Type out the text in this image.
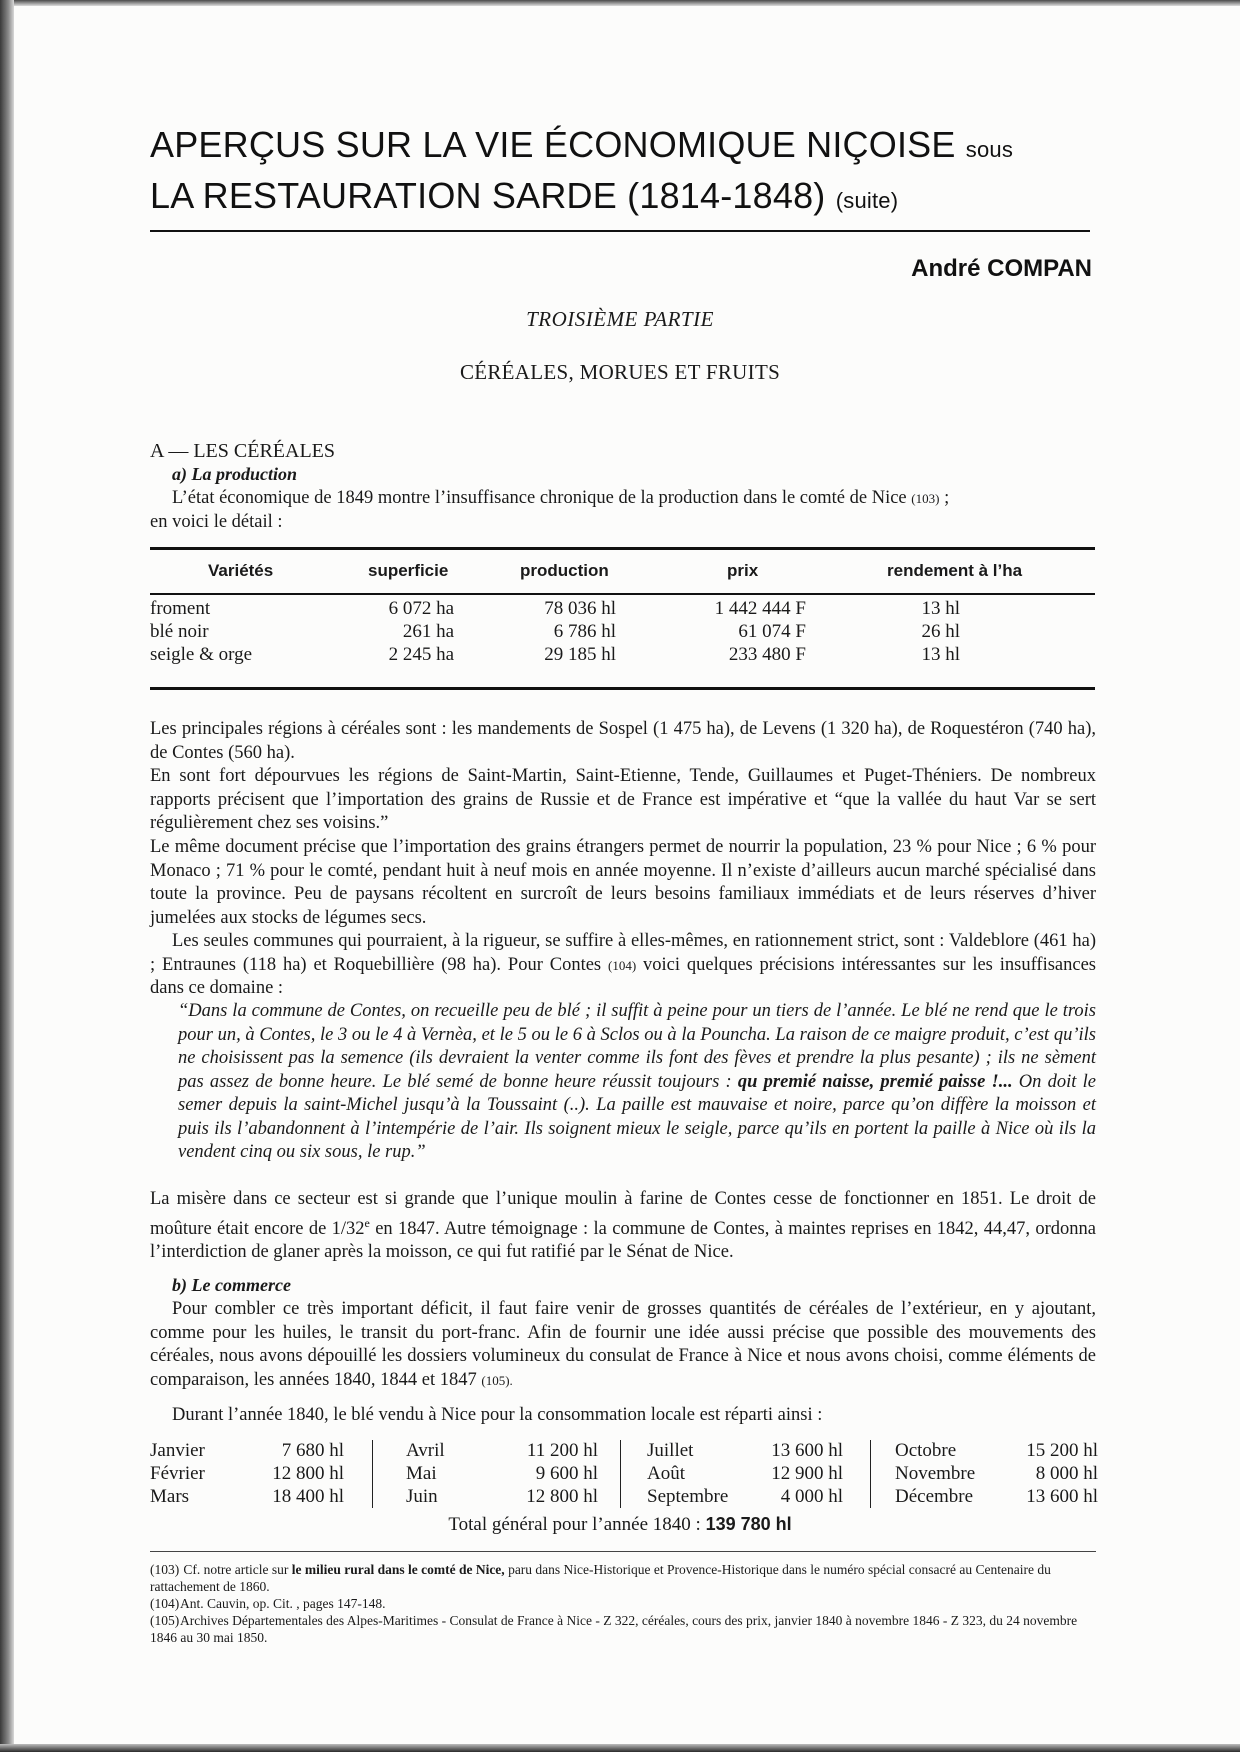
APERÇUS SUR LA VIE ÉCONOMIQUE NIÇOISE sous
LA RESTAURATION SARDE (1814-1848) (suite)
André COMPAN
TROISIÈME PARTIE
CÉRÉALES, MORUES ET FRUITS
A — LES CÉRÉALES
a) La production

L’état économique de 1849 montre l’insuffisance chronique de la production dans le comté de Nice (103) ;
en voici le détail :

Variétés	superficie	production	prix	rendement à l’ha
froment	6 072 ha	78 036 hl	1 442 444 F	13 hl
blé noir	261 ha	6 786 hl	61 074 F	26 hl
seigle & orge	2 245 ha	29 185 hl	233 480 F	13 hl

Les principales régions à céréales sont : les mandements de Sospel (1 475 ha), de Levens (1 320 ha), de Roquestéron (740 ha), de Contes (560 ha).

En sont fort dépourvues les régions de Saint-Martin, Saint-Etienne, Tende, Guillaumes et Puget-Théniers. De nombreux rapports précisent que l’importation des grains de Russie et de France est impérative et “que la vallée du haut Var se sert régulièrement chez ses voisins.”

Le même document précise que l’importation des grains étrangers permet de nourrir la population, 23 % pour Nice ; 6 % pour Monaco ; 71 % pour le comté, pendant huit à neuf mois en année moyenne. Il n’existe d’ailleurs aucun marché spécialisé dans toute la province. Peu de paysans récoltent en surcroît de leurs besoins familiaux immédiats et de leurs réserves d’hiver jumelées aux stocks de légumes secs.

Les seules communes qui pourraient, à la rigueur, se suffire à elles-mêmes, en rationnement strict, sont : Valdeblore (461 ha) ; Entraunes (118 ha) et Roquebillière (98 ha). Pour Contes (104) voici quelques précisions intéressantes sur les insuffisances dans ce domaine :

“Dans la commune de Contes, on recueille peu de blé ; il suffit à peine pour un tiers de l’année. Le blé ne rend que le trois pour un, à Contes, le 3 ou le 4 à Vernèa, et le 5 ou le 6 à Sclos ou à la Pouncha. La raison de ce maigre produit, c’est qu’ils ne choisissent pas la semence (ils devraient la venter comme ils font des fèves et prendre la plus pesante) ; ils ne sèment pas assez de bonne heure. Le blé semé de bonne heure réussit toujours : qu premié naisse, premié paisse !... On doit le semer depuis la saint-Michel jusqu’à la Toussaint (..). La paille est mauvaise et noire, parce qu’on diffère la moisson et puis ils l’abandonnent à l’intempérie de l’air. Ils soignent mieux le seigle, parce qu’ils en portent la paille à Nice où ils la vendent cinq ou six sous, le rup.”

La misère dans ce secteur est si grande que l’unique moulin à farine de Contes cesse de fonctionner en 1851. Le droit de moûture était encore de 1/32e en 1847. Autre témoignage : la commune de Contes, à maintes reprises en 1842, 44,47, ordonna l’interdiction de glaner après la moisson, ce qui fut ratifié par le Sénat de Nice.

b) Le commerce

Pour combler ce très important déficit, il faut faire venir de grosses quantités de céréales de l’extérieur, en y ajoutant, comme pour les huiles, le transit du port-franc. Afin de fournir une idée aussi précise que possible des mouvements des céréales, nous avons dépouillé les dossiers volumineux du consulat de France à Nice et nous avons choisi, comme éléments de comparaison, les années 1840, 1844 et 1847 (105).

Durant l’année 1840, le blé vendu à Nice pour la consommation locale est réparti ainsi :

Janvier	7 680 hl
Février	12 800 hl
Mars	18 400 hl
Avril	11 200 hl
Mai	9 600 hl
Juin	12 800 hl
Juillet	13 600 hl
Août	12 900 hl
Septembre	4 000 hl
Octobre	15 200 hl
Novembre	8 000 hl
Décembre	13 600 hl
Total général pour l’année 1840 : 139 780 hl

(103) Cf. notre article sur le milieu rural dans le comté de Nice, paru dans Nice-Historique et Provence-Historique dans le numéro spécial consacré au Centenaire du rattachement de 1860.

(104)Ant. Cauvin, op. Cit. , pages 147-148.

(105)Archives Départementales des Alpes-Maritimes - Consulat de France à Nice - Z 322, céréales, cours des prix, janvier 1840 à novembre 1846 - Z 323, du 24 novembre 1846 au 30 mai 1850.
